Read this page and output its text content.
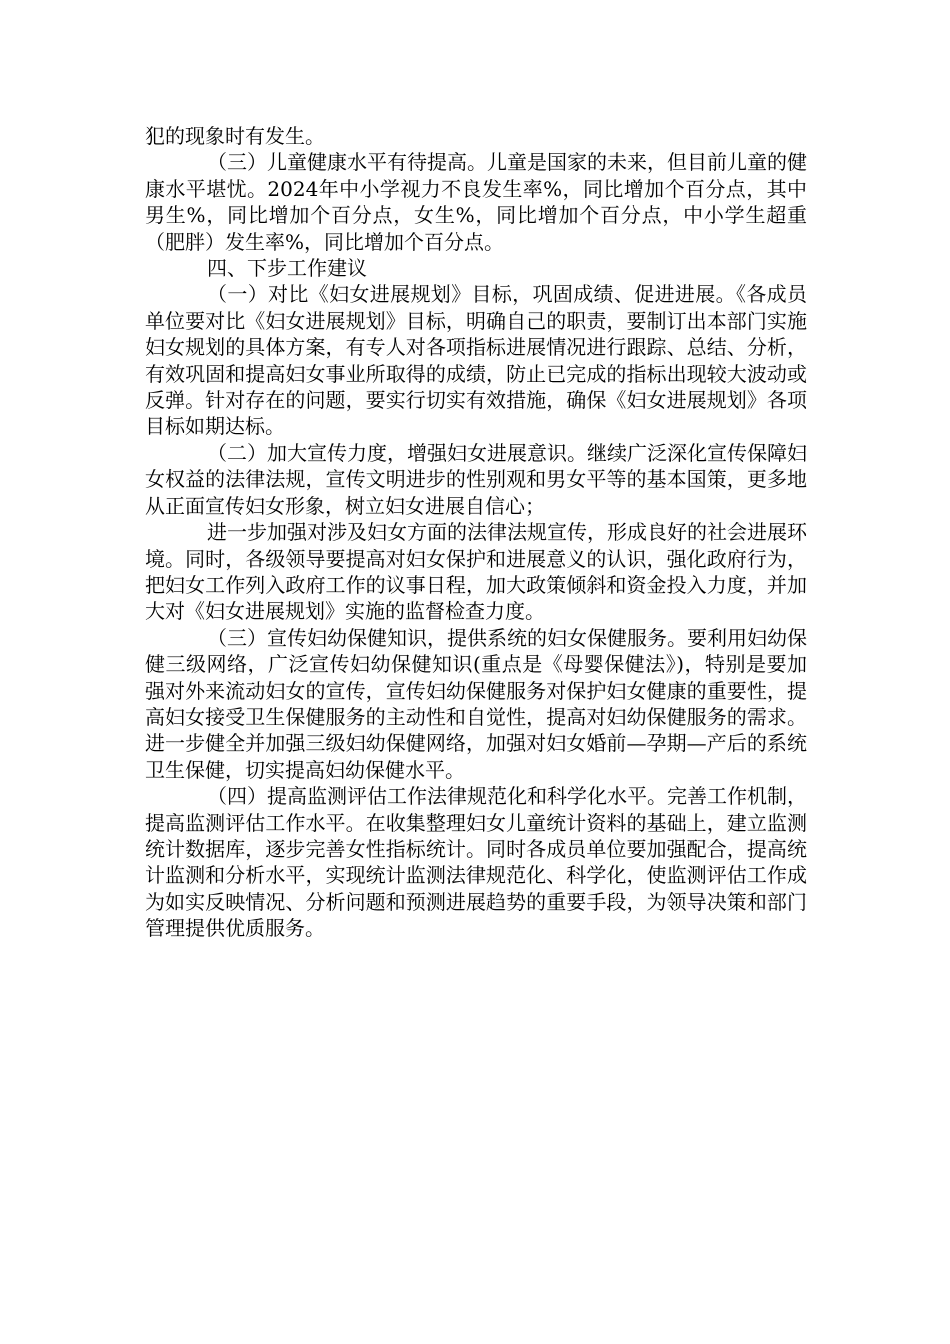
犯的现象时有发生。

（三）儿童健康水平有待提高。儿童是国家的未来，但目前儿童的健康水平堪忧。2024年中小学视力不良发生率%，同比增加个百分点，其中男生%，同比增加个百分点，女生%，同比增加个百分点，中小学生超重（肥胖）发生率%，同比增加个百分点。

四、下步工作建议

（一）对比《妇女进展规划》目标，巩固成绩、促进进展。《各成员单位要对比《妇女进展规划》目标，明确自己的职责，要制订出本部门实施妇女规划的具体方案，有专人对各项指标进展情况进行跟踪、总结、分析，有效巩固和提高妇女事业所取得的成绩，防止已完成的指标出现较大波动或反弹。针对存在的问题，要实行切实有效措施，确保《妇女进展规划》各项目标如期达标。

（二）加大宣传力度，增强妇女进展意识。继续广泛深化宣传保障妇女权益的法律法规，宣传文明进步的性别观和男女平等的基本国策，更多地从正面宣传妇女形象，树立妇女进展自信心；

进一步加强对涉及妇女方面的法律法规宣传，形成良好的社会进展环境。同时，各级领导要提高对妇女保护和进展意义的认识，强化政府行为，把妇女工作列入政府工作的议事日程，加大政策倾斜和资金投入力度，并加大对《妇女进展规划》实施的监督检查力度。

（三）宣传妇幼保健知识，提供系统的妇女保健服务。要利用妇幼保健三级网络，广泛宣传妇幼保健知识(重点是《母婴保健法》)，特别是要加强对外来流动妇女的宣传，宣传妇幼保健服务对保护妇女健康的重要性，提高妇女接受卫生保健服务的主动性和自觉性，提高对妇幼保健服务的需求。进一步健全并加强三级妇幼保健网络，加强对妇女婚前—孕期—产后的系统卫生保健，切实提高妇幼保健水平。

（四）提高监测评估工作法律规范化和科学化水平。完善工作机制，提高监测评估工作水平。在收集整理妇女儿童统计资料的基础上，建立监测统计数据库，逐步完善女性指标统计。同时各成员单位要加强配合，提高统计监测和分析水平，实现统计监测法律规范化、科学化，使监测评估工作成为如实反映情况、分析问题和预测进展趋势的重要手段，为领导决策和部门管理提供优质服务。
